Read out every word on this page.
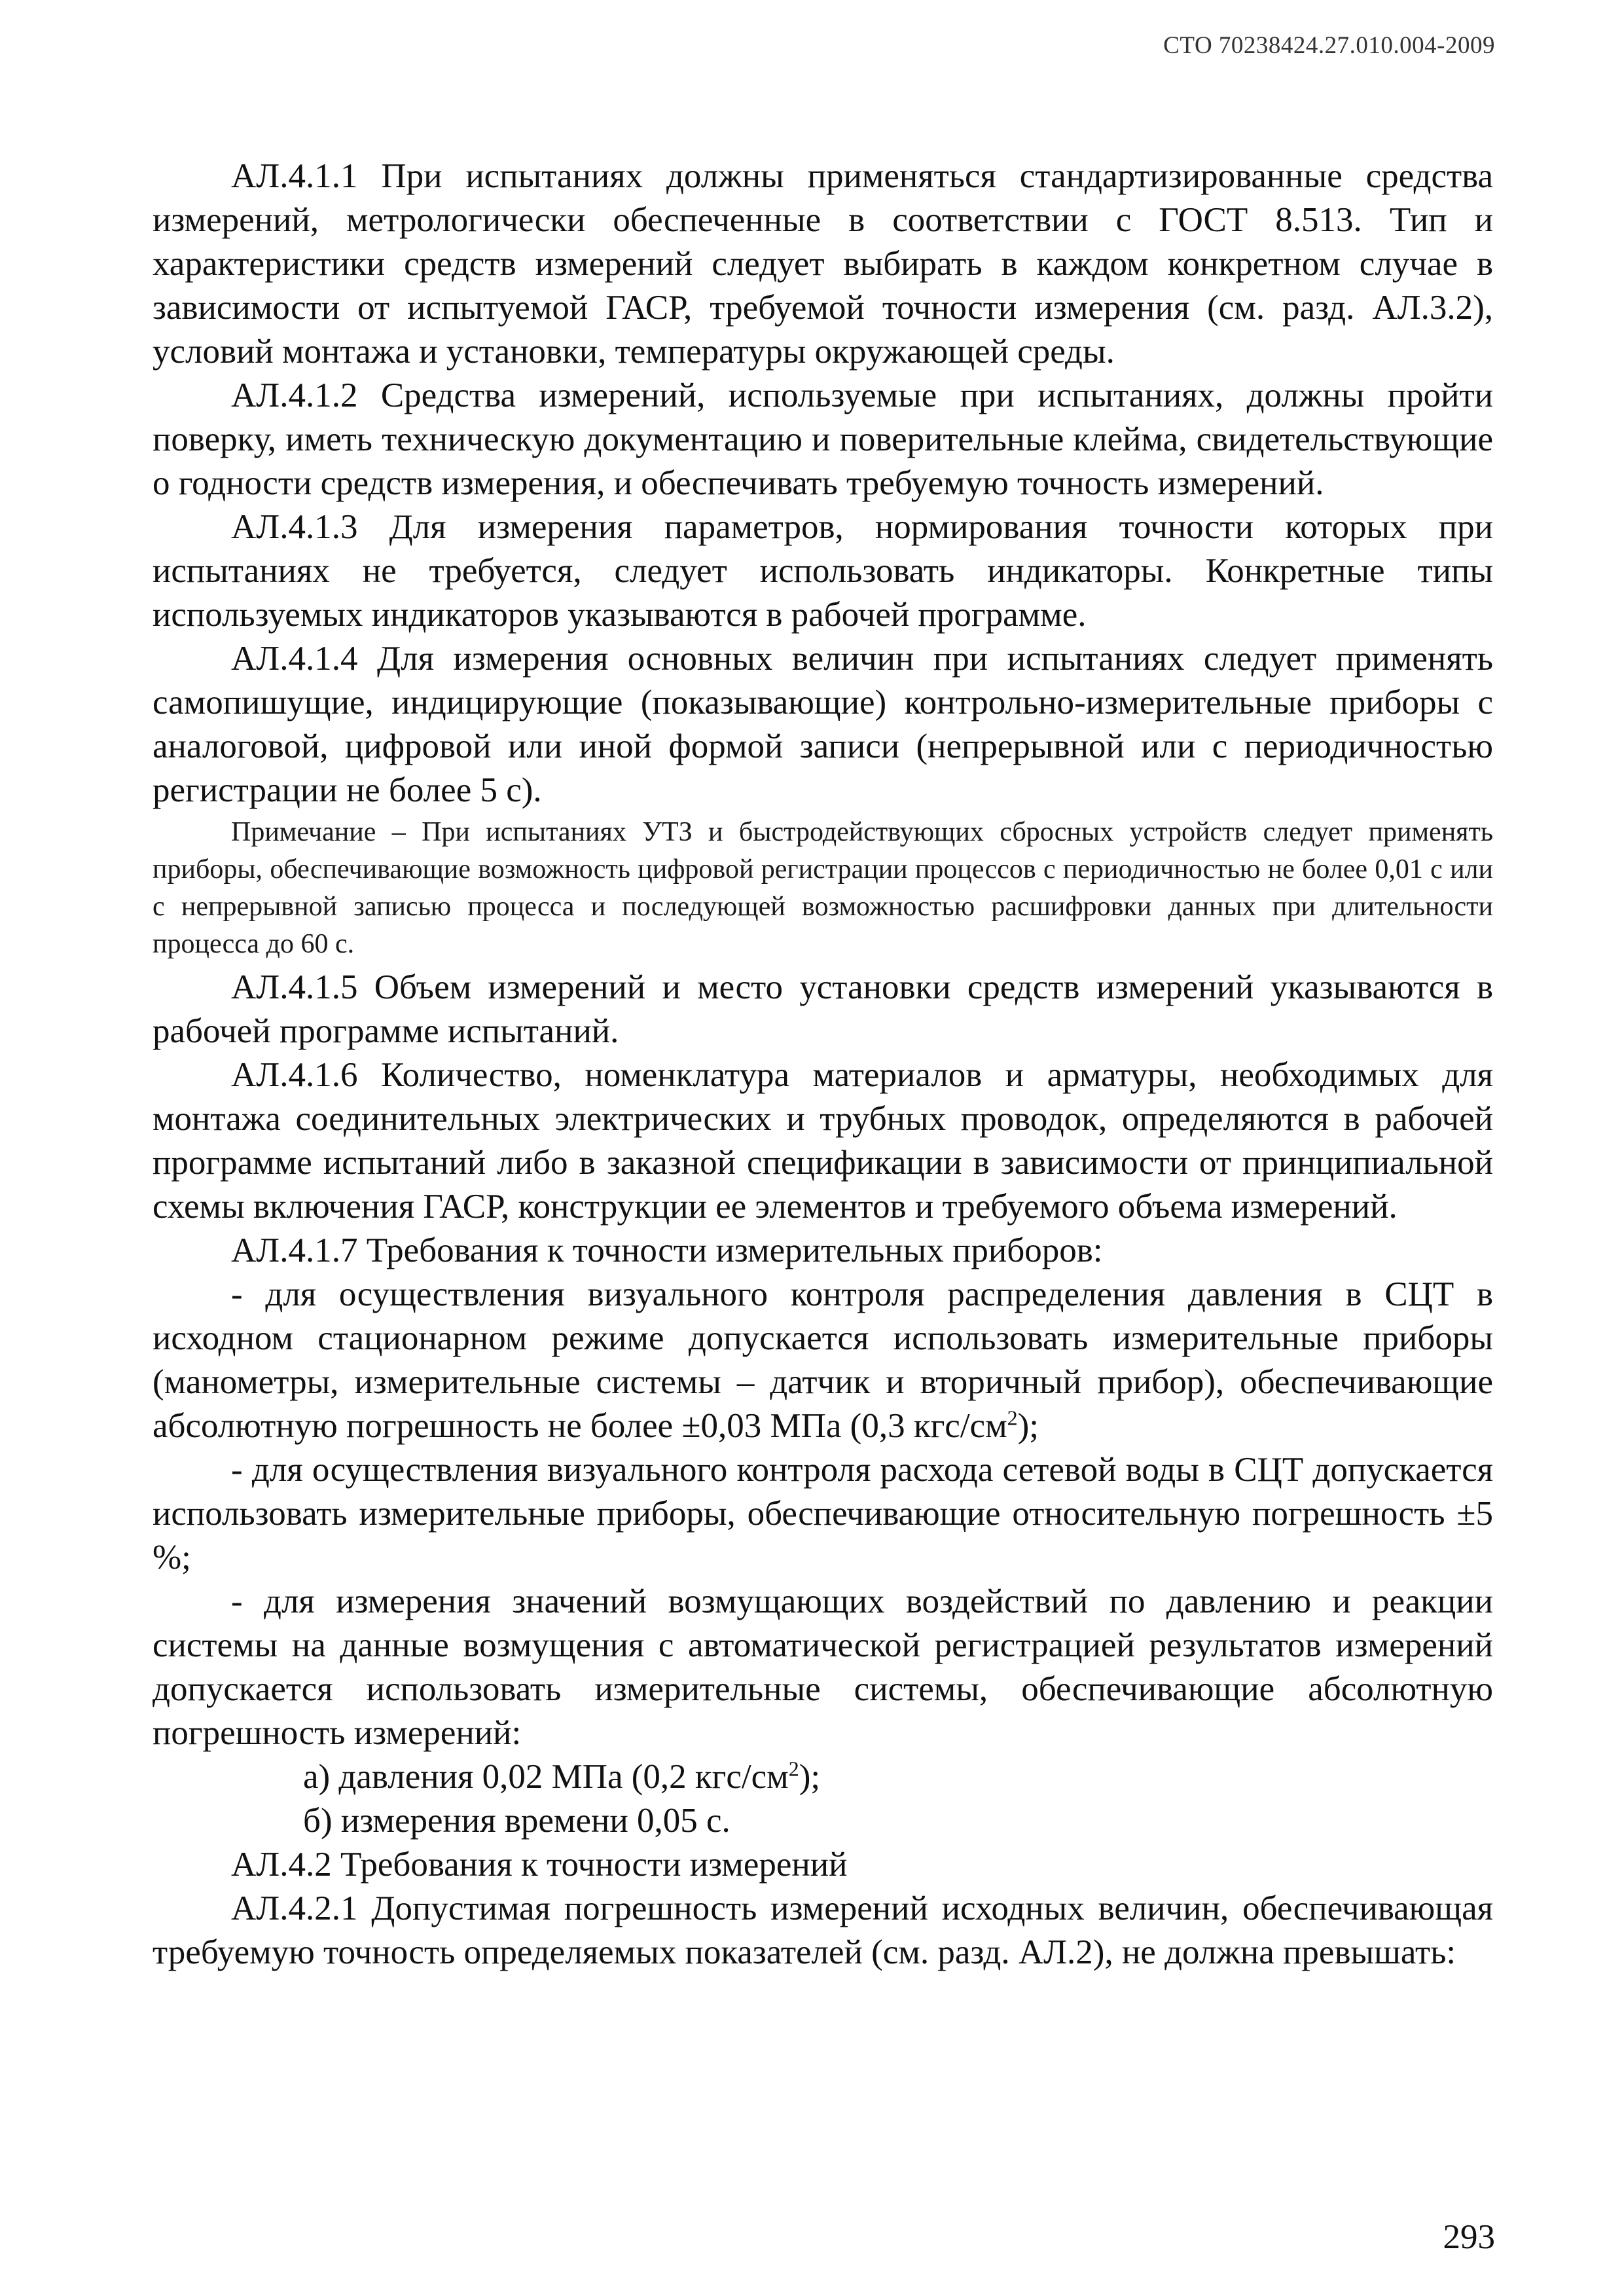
СТО 70238424.27.010.004-2009

АЛ.4.1.1 При испытаниях должны применяться стандартизированные средства измерений, метрологически обеспеченные в соответствии с ГОСТ 8.513. Тип и характеристики средств измерений следует выбирать в каждом конкретном случае в зависимости от испытуемой ГАСР, требуемой точности измерения (см. разд. АЛ.3.2), условий монтажа и установки, температуры окружающей среды.

АЛ.4.1.2 Средства измерений, используемые при испытаниях, должны пройти поверку, иметь техническую документацию и поверительные клейма, свидетельствующие о годности средств измерения, и обеспечивать требуемую точность измерений.

АЛ.4.1.3 Для измерения параметров, нормирования точности которых при испытаниях не требуется, следует использовать индикаторы. Конкретные типы используемых индикаторов указываются в рабочей программе.

АЛ.4.1.4 Для измерения основных величин при испытаниях следует применять самопишущие, индицирующие (показывающие) контрольно-измерительные приборы с аналоговой, цифровой или иной формой записи (непрерывной или с периодичностью регистрации не более 5 с).

Примечание – При испытаниях УТЗ и быстродействующих сбросных устройств следует применять приборы, обеспечивающие возможность цифровой регистрации процессов с периодичностью не более 0,01 с или с непрерывной записью процесса и последующей возможностью расшифровки данных при длительности процесса до 60 с.

АЛ.4.1.5 Объем измерений и место установки средств измерений указываются в рабочей программе испытаний.

АЛ.4.1.6 Количество, номенклатура материалов и арматуры, необходимых для монтажа соединительных электрических и трубных проводок, определяются в рабочей программе испытаний либо в заказной спецификации в зависимости от принципиальной схемы включения ГАСР, конструкции ее элементов и требуемого объема измерений.

АЛ.4.1.7 Требования к точности измерительных приборов:

- для осуществления визуального контроля распределения давления в СЦТ в исходном стационарном режиме допускается использовать измерительные приборы (манометры, измерительные системы – датчик и вторичный прибор), обеспечивающие абсолютную погрешность не более ±0,03 МПа (0,3 кгс/$см^2$);

- для осуществления визуального контроля расхода сетевой воды в СЦТ допускается использовать измерительные приборы, обеспечивающие относительную погрешность ±5 %;

- для измерения значений возмущающих воздействий по давлению и реакции системы на данные возмущения с автоматической регистрацией результатов измерений допускается использовать измерительные системы, обеспечивающие абсолютную погрешность измерений:

а) давления 0,02 МПа (0,2 кгс/$см^2$);

б) измерения времени 0,05 с.

АЛ.4.2 Требования к точности измерений

АЛ.4.2.1 Допустимая погрешность измерений исходных величин, обеспечивающая требуемую точность определяемых показателей (см. разд. АЛ.2), не должна превышать:

293
